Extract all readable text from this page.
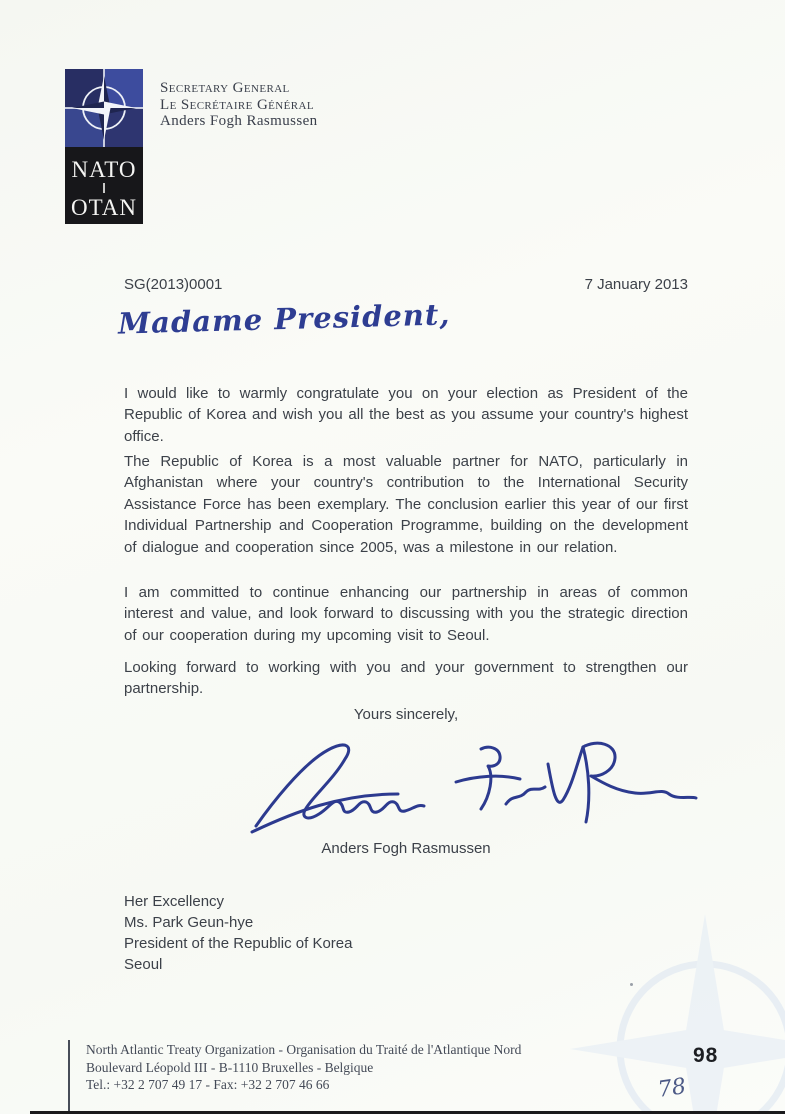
NATO
OTAN
Secretary General
Le Secrétaire Général
Anders Fogh Rasmussen
SG(2013)0001	7 January 2013
Madame President,

I would like to warmly congratulate you on your election as President of the Republic of Korea and wish you all the best as you assume your country's highest office.

The Republic of Korea is a most valuable partner for NATO, particularly in Afghanistan where your country's contribution to the International Security Assistance Force has been exemplary. The conclusion earlier this year of our first Individual Partnership and Cooperation Programme, building on the development of dialogue and cooperation since 2005, was a milestone in our relation.

I am committed to continue enhancing our partnership in areas of common interest and value, and look forward to discussing with you the strategic direction of our cooperation during my upcoming visit to Seoul.

Looking forward to working with you and your government to strengthen our partnership.

Yours sincerely,
Anders Fogh Rasmussen
Her Excellency
Ms. Park Geun-hye
President of the Republic of Korea
Seoul
North Atlantic Treaty Organization - Organisation du Traité de l'Atlantique Nord
Boulevard Léopold III - B-1110 Bruxelles - Belgique
Tel.: +32 2 707 49 17 - Fax: +32 2 707 46 66
98
78
